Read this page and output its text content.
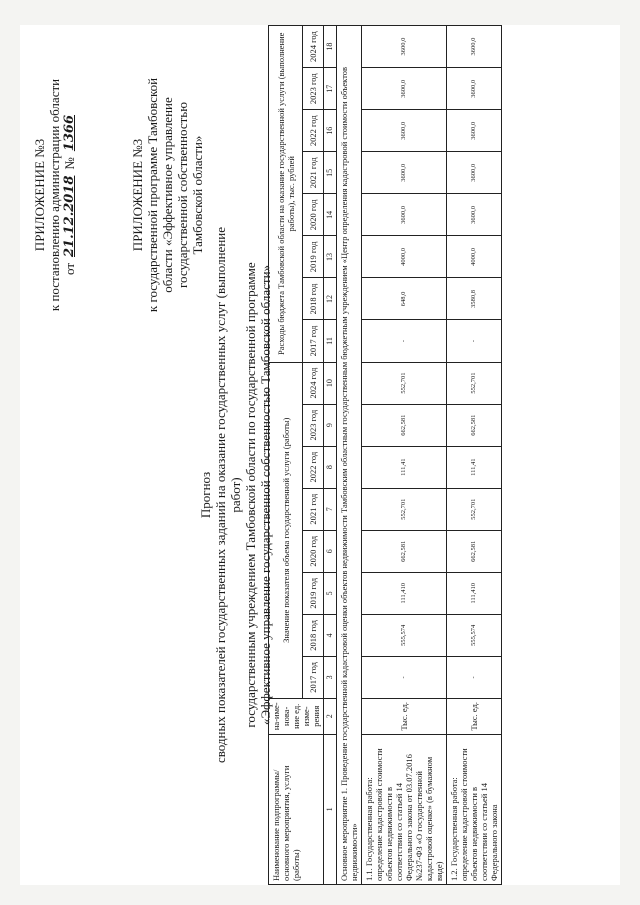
ПРИЛОЖЕНИЕ №3 к постановлению администрации области от
21.12.2018
№
1366
ПРИЛОЖЕНИЕ №3 к государственной программе Тамбовской области «Эффективное управление государственной собственностью Тамбовской области»
Прогноз сводных показателей государственных заданий на оказание государственных услуг (выполнение работ) государственным учреждением Тамбовской области по государственной программе «Эффективное управление государственной собственностью Тамбовской области»
Наименование подпрограммы/основного мероприятия, услуги (работы)	на-име-нова-ние ед. изме-рения	Значение показателя объема государственной услуги (работы)								Расходы бюджета Тамбовской области на оказание государственной услуги (выполнение работы), тыс. рублей							
		2017 год	2018 год	2019 год	2020 год	2021 год	2022 год	2023 год	2024 год	2017 год	2018 год	2019 год	2020 год	2021 год	2022 год	2023 год	2024 год
1	2	3	4	5	6	7	8	9	10	11	12	13	14	15	16	17	18
Основное мероприятие 1. Проведение государственной кадастровой оценки объектов недвижимости Тамбовским областным государственным бюджетным учреждением «Центр определения кадастровой стоимости объектов недвижимости»																	
1.1. Государственная работа: определение кадастровой стоимости объектов недвижимости в соответствии со статьей 14 Федерального закона от 03.07.2016 №237-ФЗ «О государственной кадастровой оценке» (в бумажном виде)	Тыс. ед.	-	555,574	111,410	662,581	552,701	111,41	662,581	552,701	-	648,0	4000,0	3600,0	3600,0	3600,0	3600,0	3600,0
1.2. Государственная работа: определение кадастровой стоимости объектов недвижимости в соответствии со статьей 14 Федерального закона	Тыс. ед.	-	555,574	111,410	662,581	552,701	111,41	662,581	552,701	-	3580,8	4000,0	3600,0	3600,0	3600,0	3600,0	3600,0
